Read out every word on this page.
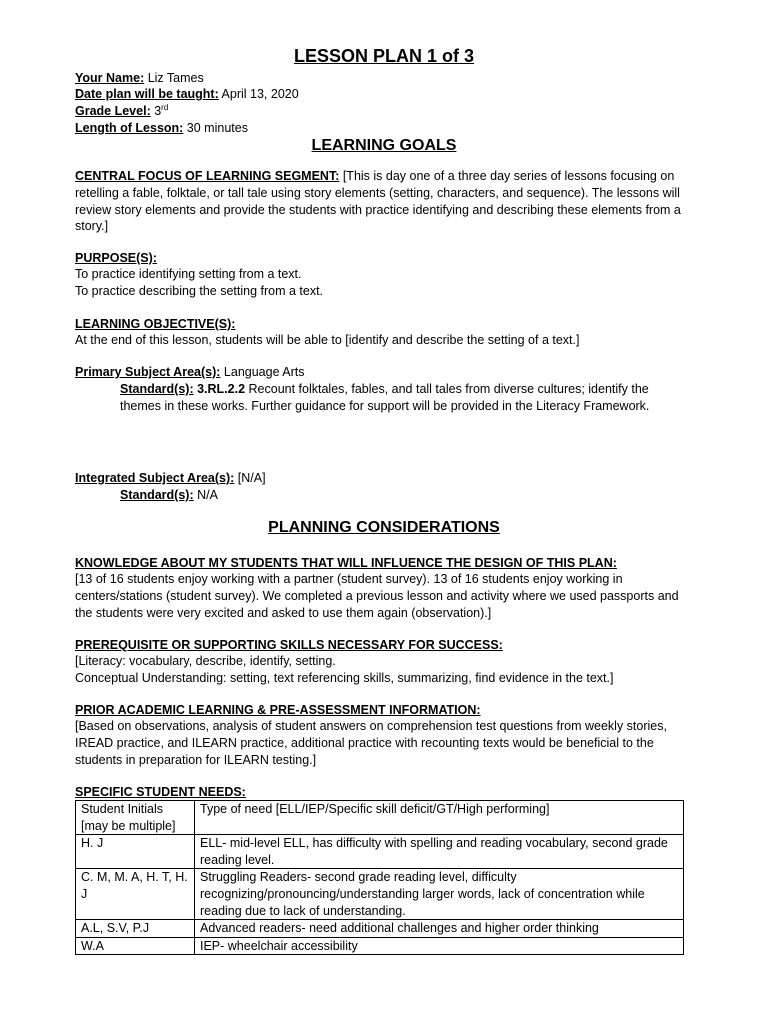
LESSON PLAN 1 of 3
Your Name: Liz Tames
Date plan will be taught: April 13, 2020
Grade Level: 3rd
Length of Lesson: 30 minutes
LEARNING GOALS
CENTRAL FOCUS OF LEARNING SEGMENT: [This is day one of a three day series of lessons focusing on retelling a fable, folktale, or tall tale using story elements (setting, characters, and sequence). The lessons will review story elements and provide the students with practice identifying and describing these elements from a story.]
PURPOSE(S):
To practice identifying setting from a text.
To practice describing the setting from a text.
LEARNING OBJECTIVE(S):
At the end of this lesson, students will be able to [identify and describe the setting of a text.]
Primary Subject Area(s): Language Arts
Standard(s): 3.RL.2.2 Recount folktales, fables, and tall tales from diverse cultures; identify the themes in these works. Further guidance for support will be provided in the Literacy Framework.
Integrated Subject Area(s): [N/A]
Standard(s): N/A
PLANNING CONSIDERATIONS
KNOWLEDGE ABOUT MY STUDENTS THAT WILL INFLUENCE THE DESIGN OF THIS PLAN:
[13 of 16 students enjoy working with a partner (student survey). 13 of 16 students enjoy working in centers/stations (student survey). We completed a previous lesson and activity where we used passports and the students were very excited and asked to use them again (observation).]
PREREQUISITE OR SUPPORTING SKILLS NECESSARY FOR SUCCESS:
[Literacy: vocabulary, describe, identify, setting.
Conceptual Understanding: setting, text referencing skills, summarizing, find evidence in the text.]
PRIOR ACADEMIC LEARNING & PRE-ASSESSMENT INFORMATION:
[Based on observations, analysis of student answers on comprehension test questions from weekly stories, IREAD practice, and ILEARN practice, additional practice with recounting texts would be beneficial to the students in preparation for ILEARN testing.]
SPECIFIC STUDENT NEEDS:
Student Initials [may be multiple]	Type of need [ELL/IEP/Specific skill deficit/GT/High performing]
H. J	ELL- mid-level ELL, has difficulty with spelling and reading vocabulary, second grade reading level.
C. M, M. A, H. T, H. J	Struggling Readers- second grade reading level, difficulty recognizing/pronouncing/understanding larger words, lack of concentration while reading due to lack of understanding.
A.L, S.V, P.J	Advanced readers- need additional challenges and higher order thinking
W.A	IEP- wheelchair accessibility
